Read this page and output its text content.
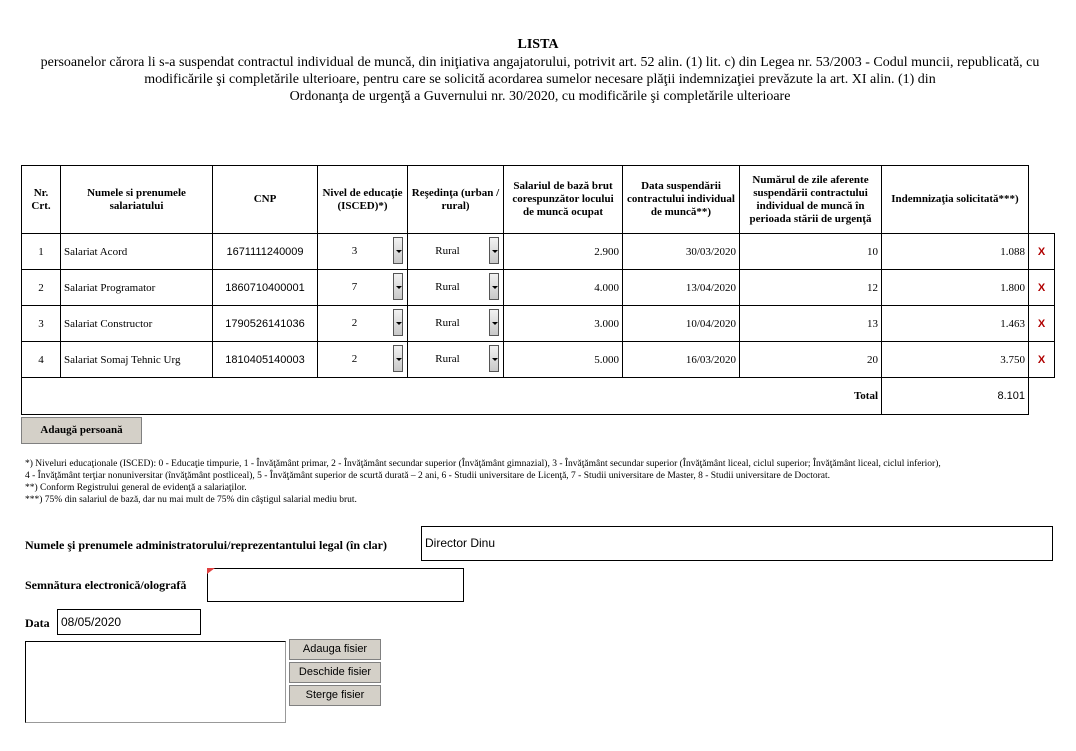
LISTA
persoanelor cărora li s-a suspendat contractul individual de muncă, din iniţiativa angajatorului, potrivit art. 52 alin. (1) lit. c) din Legea nr. 53/2003 - Codul muncii, republicată, cu
modificările şi completările ulterioare, pentru care se solicită acordarea sumelor necesare plăţii indemnizaţiei prevăzute la art. XI alin. (1) din
Ordonanţa de urgenţă a Guvernului nr. 30/2020, cu modificările şi completările ulterioare
Nr. Crt.	Numele si prenumele salariatului	CNP	Nivel de educaţie (ISCED)*)	Reşedinţa (urban / rural)	Salariul de bază brut corespunzător locului de muncă ocupat	Data suspendării contractului individual de muncă**)	Numărul de zile aferente suspendării contractului individual de muncă în perioada stării de urgenţă	Indemnizaţia solicitată***)	
1	Salariat Acord	1671111240009	3	Rural	2.900	30/03/2020	10	1.088	X
2	Salariat Programator	1860710400001	7	Rural	4.000	13/04/2020	12	1.800	X
3	Salariat Constructor	1790526141036	2	Rural	3.000	10/04/2020	13	1.463	X
4	Salariat Somaj Tehnic Urg	1810405140003	2	Rural	5.000	16/03/2020	20	3.750	X
Total								8.101	
Adaugă persoană
*) Niveluri educaţionale (ISCED): 0 - Educaţie timpurie, 1 - Învăţământ primar, 2 - Învăţământ secundar superior (Învăţământ gimnazial), 3 - Învăţământ secundar superior (Învăţământ liceal, ciclul superior; Învăţământ liceal, ciclul inferior),
4 - Învăţământ terţiar nonuniversitar (învăţământ postliceal), 5 - Învăţământ superior de scurtă durată – 2 ani, 6 - Studii universitare de Licenţă, 7 - Studii universitare de Master, 8 - Studii universitare de Doctorat.
**) Conform Registrului general de evidenţă a salariaţilor.
***) 75% din salariul de bază, dar nu mai mult de 75% din câştigul salarial mediu brut.
Numele şi prenumele administratorului/reprezentantului legal (în clar)	Director Dinu
Semnătura electronică/olografă
Data 08/05/2020
Adauga fisier
Deschide fisier
Sterge fisier
